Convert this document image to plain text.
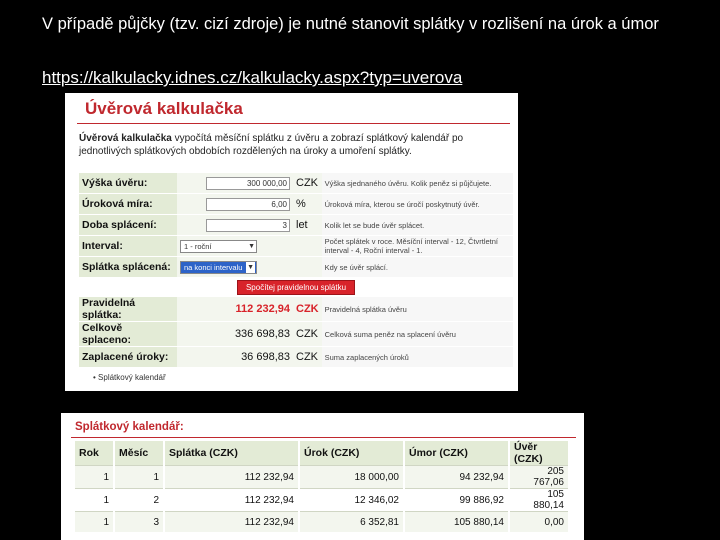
V případě půjčky (tzv. cizí zdroje) je nutné stanovit splátky v rozlišení na úrok a úmor
https://kalkulacky.idnes.cz/kalkulacky.aspx?typ=uverova
Úvěrová kalkulačka
Úvěrová kalkulačka vypočítá měsíční splátku z úvěru a zobrazí splátkový kalendář po jednotlivých splátkových obdobích rozdělených na úroky a umoření splátky.
Výška úvěru:	300 000,00	CZK	Výška sjednaného úvěru. Kolik peněz si půjčujete.
Úroková míra:	6,00	%	Úroková míra, kterou se úročí poskytnutý úvěr.
Doba splácení:	3	let	Kolik let se bude úvěr splácet.
Interval:	1 - roční ▼		Počet splátek v roce. Měsíční interval - 12, Čtvrtletní interval - 4, Roční interval - 1.
Splátka splácená:	na konci intervalu ▼		Kdy se úvěr splácí.
Spočítej pravidelnou splátku			
Pravidelná splátka:	112 232,94	CZK	Pravidelná splátka úvěru
Celkově splaceno:	336 698,83	CZK	Celková suma peněz na splacení úvěru
Zaplacené úroky:	36 698,83	CZK	Suma zaplacených úroků
• Splátkový kalendář
Splátkový kalendář:
Rok	Měsíc	Splátka (CZK)	Úrok (CZK)	Úmor (CZK)	Úvěr (CZK)
1	1	112 232,94	18 000,00	94 232,94	205 767,06
1	2	112 232,94	12 346,02	99 886,92	105 880,14
1	3	112 232,94	6 352,81	105 880,14	0,00
